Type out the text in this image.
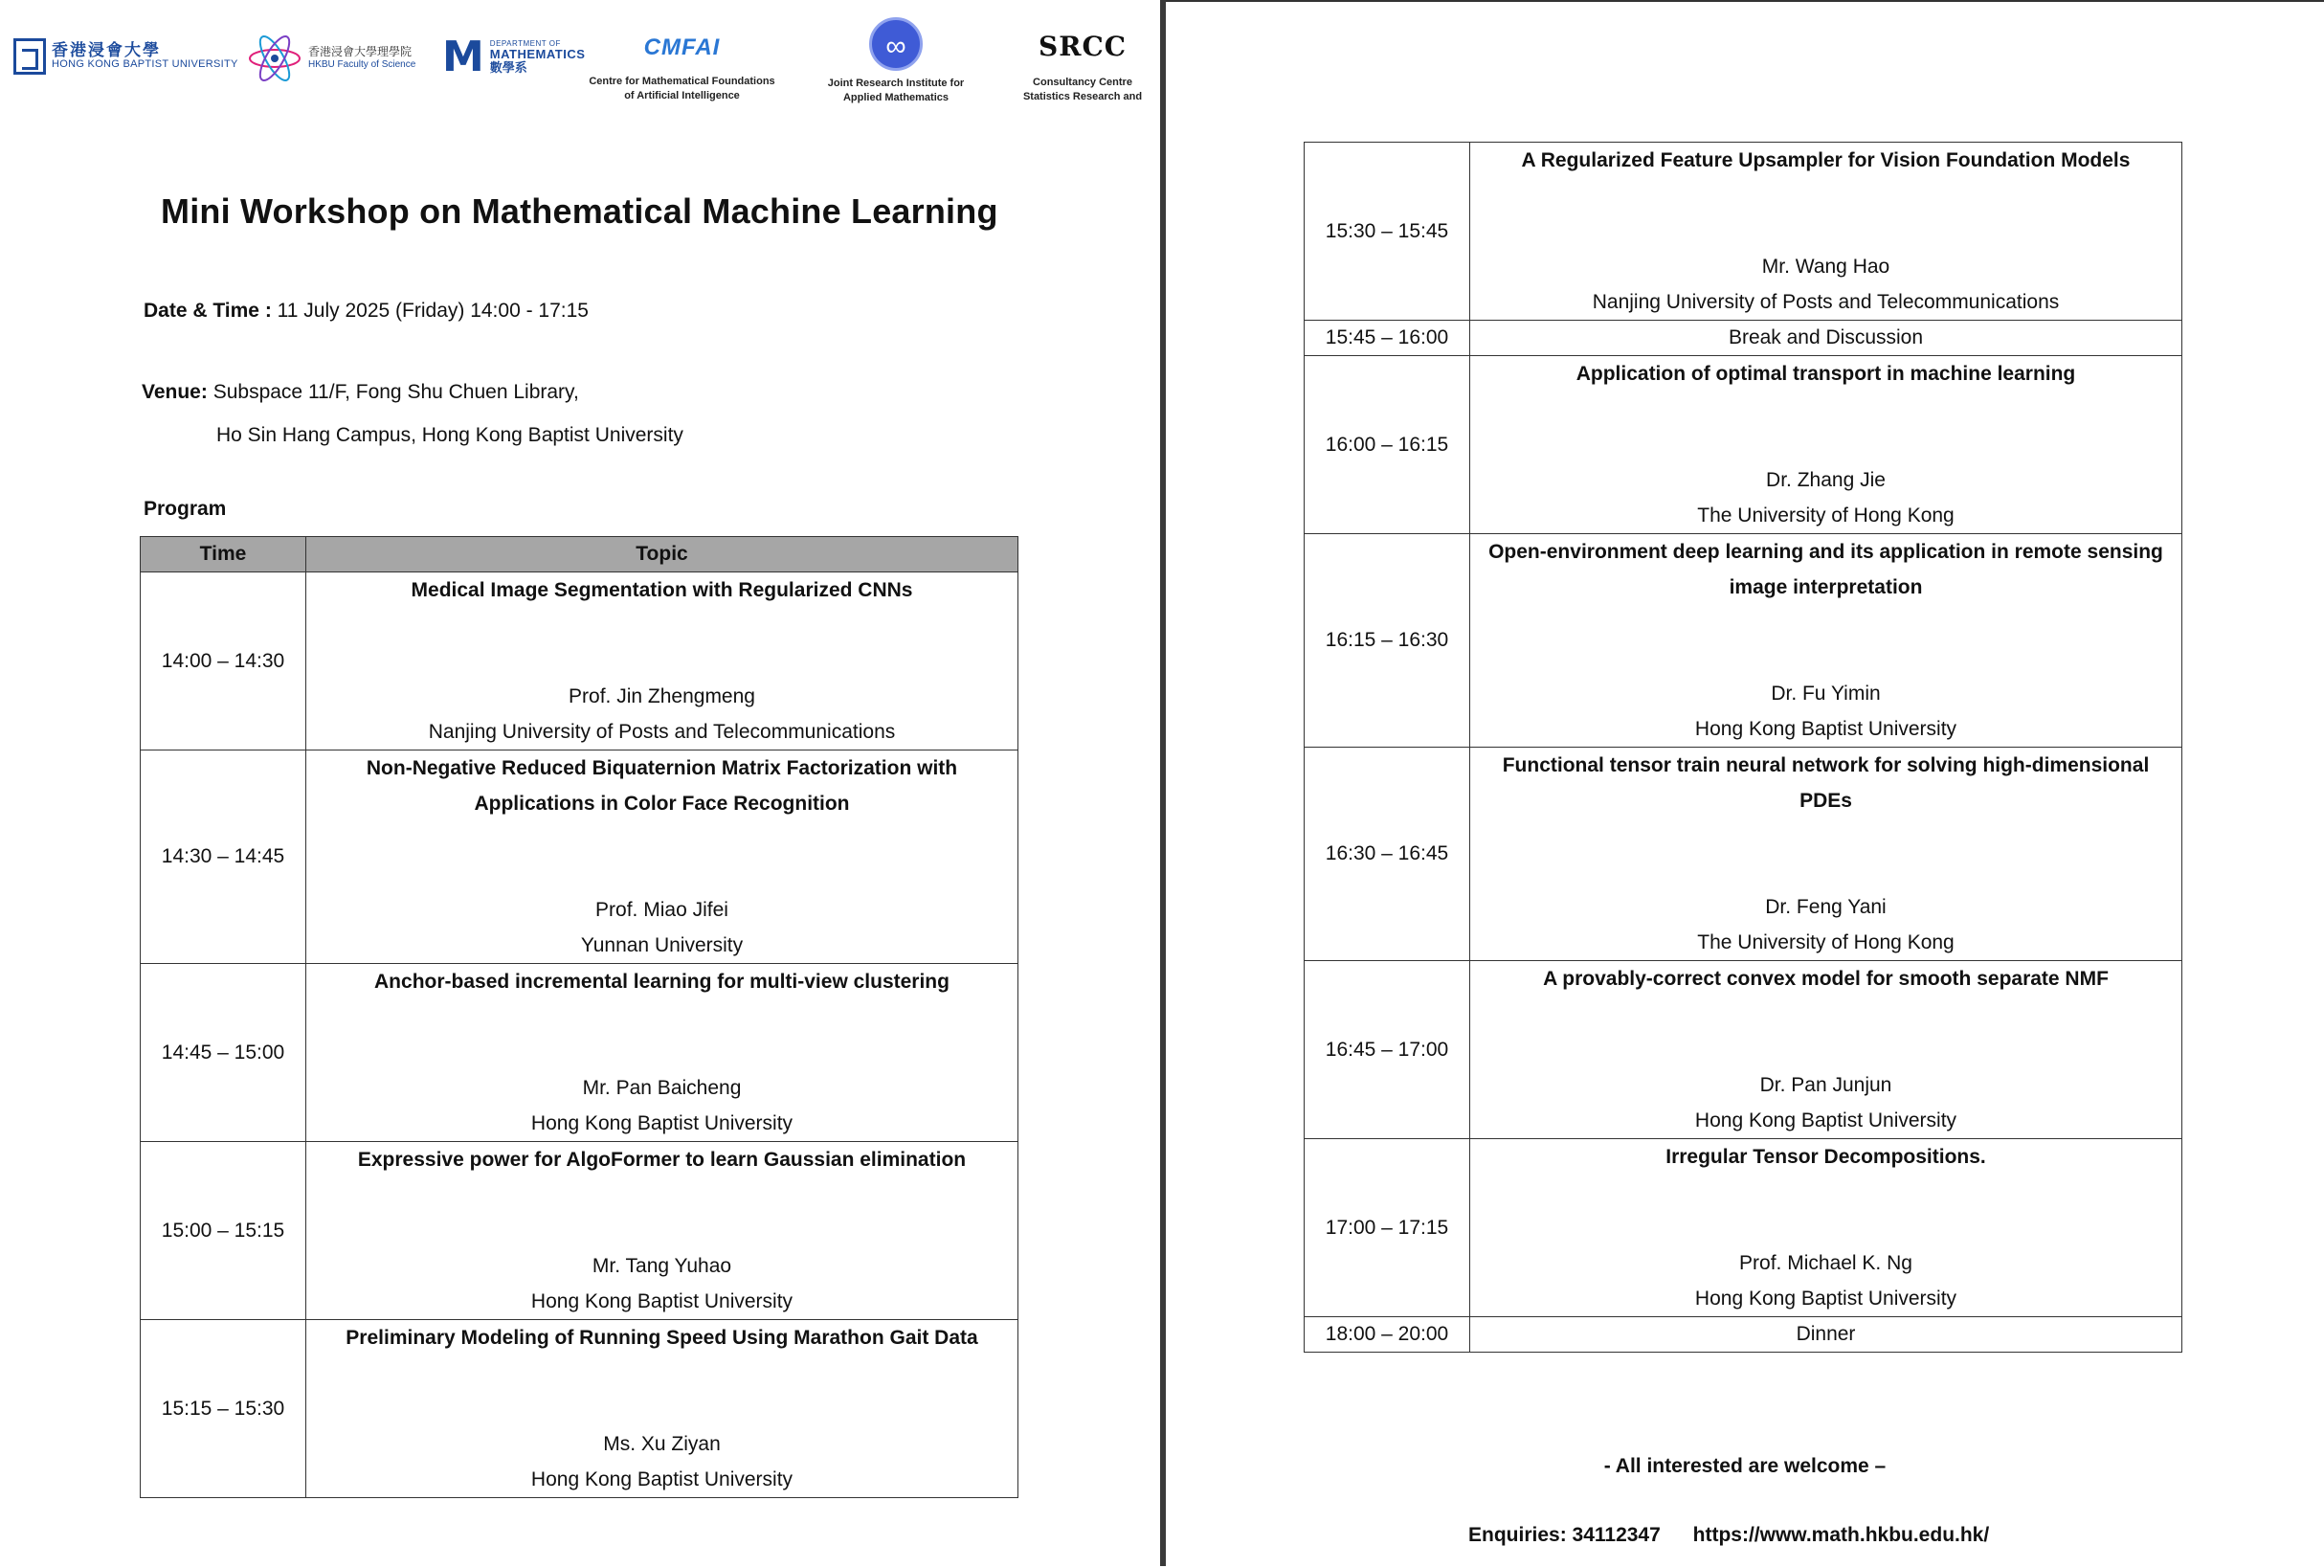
香港浸會大學
HONG KONG BAPTIST UNIVERSITY
香港浸會大學理學院
HKBU Faculty of Science M DEPARTMENT OF
MATHEMATICS
數學系
CMFAI
Centre for Mathematical Foundations
of Artificial Intelligence
∞
Joint Research Institute for
Applied Mathematics
SRCC
Consultancy Centre
Statistics Research and
Mini Workshop on Mathematical Machine Learning
Date & Time : 11 July 2025 (Friday) 14:00 - 17:15
Venue: Subspace 11/F, Fong Shu Chuen Library,
Ho Sin Hang Campus, Hong Kong Baptist University
Program
Time	Topic
14:00 – 14:30	Medical Image Segmentation with Regularized CNNs
Prof. Jin Zhengmeng
Nanjing University of Posts and Telecommunications

14:30 – 14:45	Non-Negative Reduced Biquaternion Matrix Factorization with Applications in Color Face Recognition
Prof. Miao Jifei
Yunnan University

14:45 – 15:00	Anchor-based incremental learning for multi-view clustering
Mr. Pan Baicheng
Hong Kong Baptist University

15:00 – 15:15	Expressive power for AlgoFormer to learn Gaussian elimination
Mr. Tang Yuhao
Hong Kong Baptist University

15:15 – 15:30	Preliminary Modeling of Running Speed Using Marathon Gait Data
Ms. Xu Ziyan
Hong Kong Baptist University
15:30 – 15:45	A Regularized Feature Upsampler for Vision Foundation Models
Mr. Wang Hao
Nanjing University of Posts and Telecommunications

15:45 – 16:00	Break and Discussion
16:00 – 16:15	Application of optimal transport in machine learning
Dr. Zhang Jie
The University of Hong Kong

16:15 – 16:30	Open-environment deep learning and its application in remote sensing image interpretation
Dr. Fu Yimin
Hong Kong Baptist University

16:30 – 16:45	Functional tensor train neural network for solving high-dimensional PDEs
Dr. Feng Yani
The University of Hong Kong

16:45 – 17:00	A provably-correct convex model for smooth separate NMF
Dr. Pan Junjun
Hong Kong Baptist University

17:00 – 17:15	Irregular Tensor Decompositions.
Prof. Michael K. Ng
Hong Kong Baptist University

18:00 – 20:00	Dinner
- All interested are welcome –
Enquiries: 34112347 https://www.math.hkbu.edu.hk/
